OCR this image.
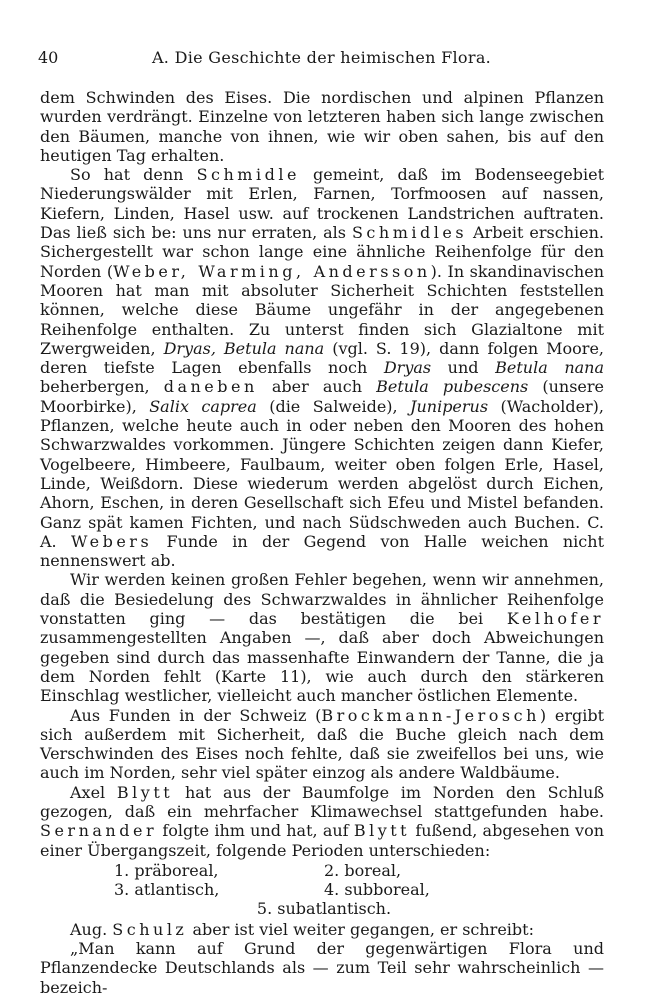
40	A. Die Geschichte der heimischen Flora.

dem Schwinden des Eises. Die nordischen und alpinen Pflanzen wurden verdrängt. Einzelne von letzteren haben sich lange zwischen den Bäumen, manche von ihnen, wie wir oben sahen, bis auf den heutigen Tag erhalten.

So hat denn Schmidle gemeint, daß im Bodenseegebiet Niederungswälder mit Erlen, Farnen, Torfmoosen auf nassen, Kiefern, Linden, Hasel usw. auf trockenen Landstrichen auftraten. Das ließ sich be: uns nur erraten, als Schmidles Arbeit erschien. Sichergestellt war schon lange eine ähnliche Reihenfolge für den Norden (Weber, Warming, Andersson). In skandinavischen Mooren hat man mit absoluter Sicherheit Schichten feststellen können, welche diese Bäume ungefähr in der angegebenen Reihenfolge enthalten. Zu unterst finden sich Glazialtone mit Zwergweiden, Dryas, Betula nana (vgl. S. 19), dann folgen Moore, deren tiefste Lagen ebenfalls noch Dryas und Betula nana beherbergen, daneben aber auch Betula pubescens (unsere Moorbirke), Salix caprea (die Salweide), Juniperus (Wacholder), Pflanzen, welche heute auch in oder neben den Mooren des hohen Schwarzwaldes vorkommen. Jüngere Schichten zeigen dann Kiefer, Vogelbeere, Himbeere, Faulbaum, weiter oben folgen Erle, Hasel, Linde, Weißdorn. Diese wiederum werden abgelöst durch Eichen, Ahorn, Eschen, in deren Gesellschaft sich Efeu und Mistel befanden. Ganz spät kamen Fichten, und nach Südschweden auch Buchen. C. A. Webers Funde in der Gegend von Halle weichen nicht nennenswert ab.

Wir werden keinen großen Fehler begehen, wenn wir annehmen, daß die Besiedelung des Schwarzwaldes in ähnlicher Reihenfolge vonstatten ging — das bestätigen die bei Kelhofer zusammengestellten Angaben —, daß aber doch Abweichungen gegeben sind durch das massenhafte Einwandern der Tanne, die ja dem Norden fehlt (Karte 11), wie auch durch den stärkeren Einschlag westlicher, vielleicht auch mancher östlichen Elemente.

Aus Funden in der Schweiz (Brockmann-Jerosch) ergibt sich außerdem mit Sicherheit, daß die Buche gleich nach dem Verschwinden des Eises noch fehlte, daß sie zweifellos bei uns, wie auch im Norden, sehr viel später einzog als andere Waldbäume.

Axel Blytt hat aus der Baumfolge im Norden den Schluß gezogen, daß ein mehrfacher Klimawechsel stattgefunden habe. Sernander folgte ihm und hat, auf Blytt fußend, abgesehen von einer Übergangszeit, folgende Perioden unterschieden:

1. präboreal,	2. boreal,
3. atlantisch,	4. subboreal,
5. subatlantisch.

Aug. Schulz aber ist viel weiter gegangen, er schreibt:

„Man kann auf Grund der gegenwärtigen Flora und Pflanzendecke Deutschlands als — zum Teil sehr wahrscheinlich — bezeich-
